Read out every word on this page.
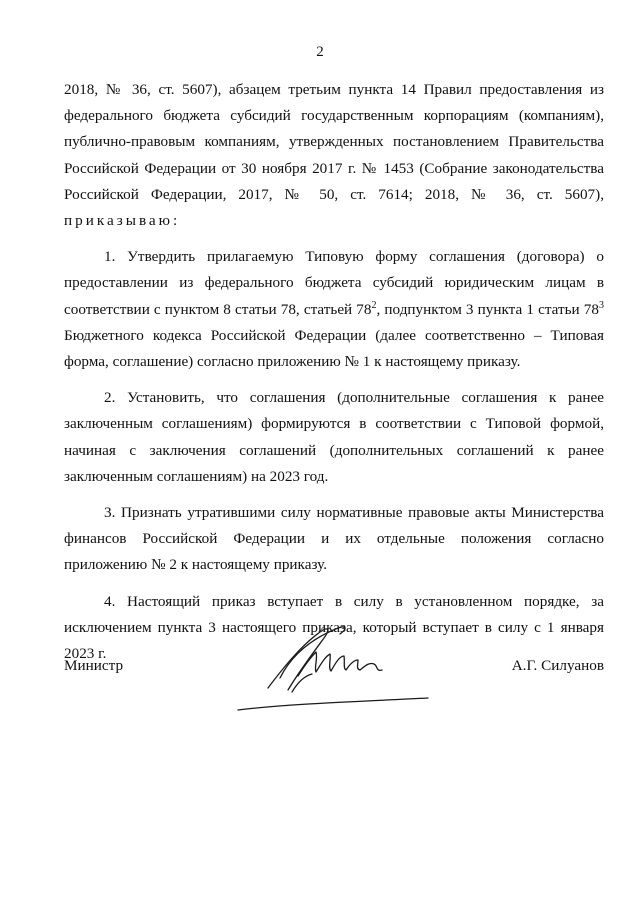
2

2018, № 36, ст. 5607), абзацем третьим пункта 14 Правил предоставления из федерального бюджета субсидий государственным корпорациям (компаниям), публично-правовым компаниям, утвержденных постановлением Правительства Российской Федерации от 30 ноября 2017 г. № 1453 (Собрание законодательства Российской Федерации, 2017, № 50, ст. 7614; 2018, № 36, ст. 5607), приказываю:

1. Утвердить прилагаемую Типовую форму соглашения (договора) о предоставлении из федерального бюджета субсидий юридическим лицам в соответствии с пунктом 8 статьи 78, статьей $78^2$, подпунктом 3 пункта 1 статьи $78^3$ Бюджетного кодекса Российской Федерации (далее соответственно – Типовая форма, соглашение) согласно приложению № 1 к настоящему приказу.

2. Установить, что соглашения (дополнительные соглашения к ранее заключенным соглашениям) формируются в соответствии с Типовой формой, начиная с заключения соглашений (дополнительных соглашений к ранее заключенным соглашениям) на 2023 год.

3. Признать утратившими силу нормативные правовые акты Министерства финансов Российской Федерации и их отдельные положения согласно приложению № 2 к настоящему приказу.

4. Настоящий приказ вступает в силу в установленном порядке, за исключением пункта 3 настоящего приказа, который вступает в силу с 1 января 2023 г.

Министр	А.Г. Силуанов
